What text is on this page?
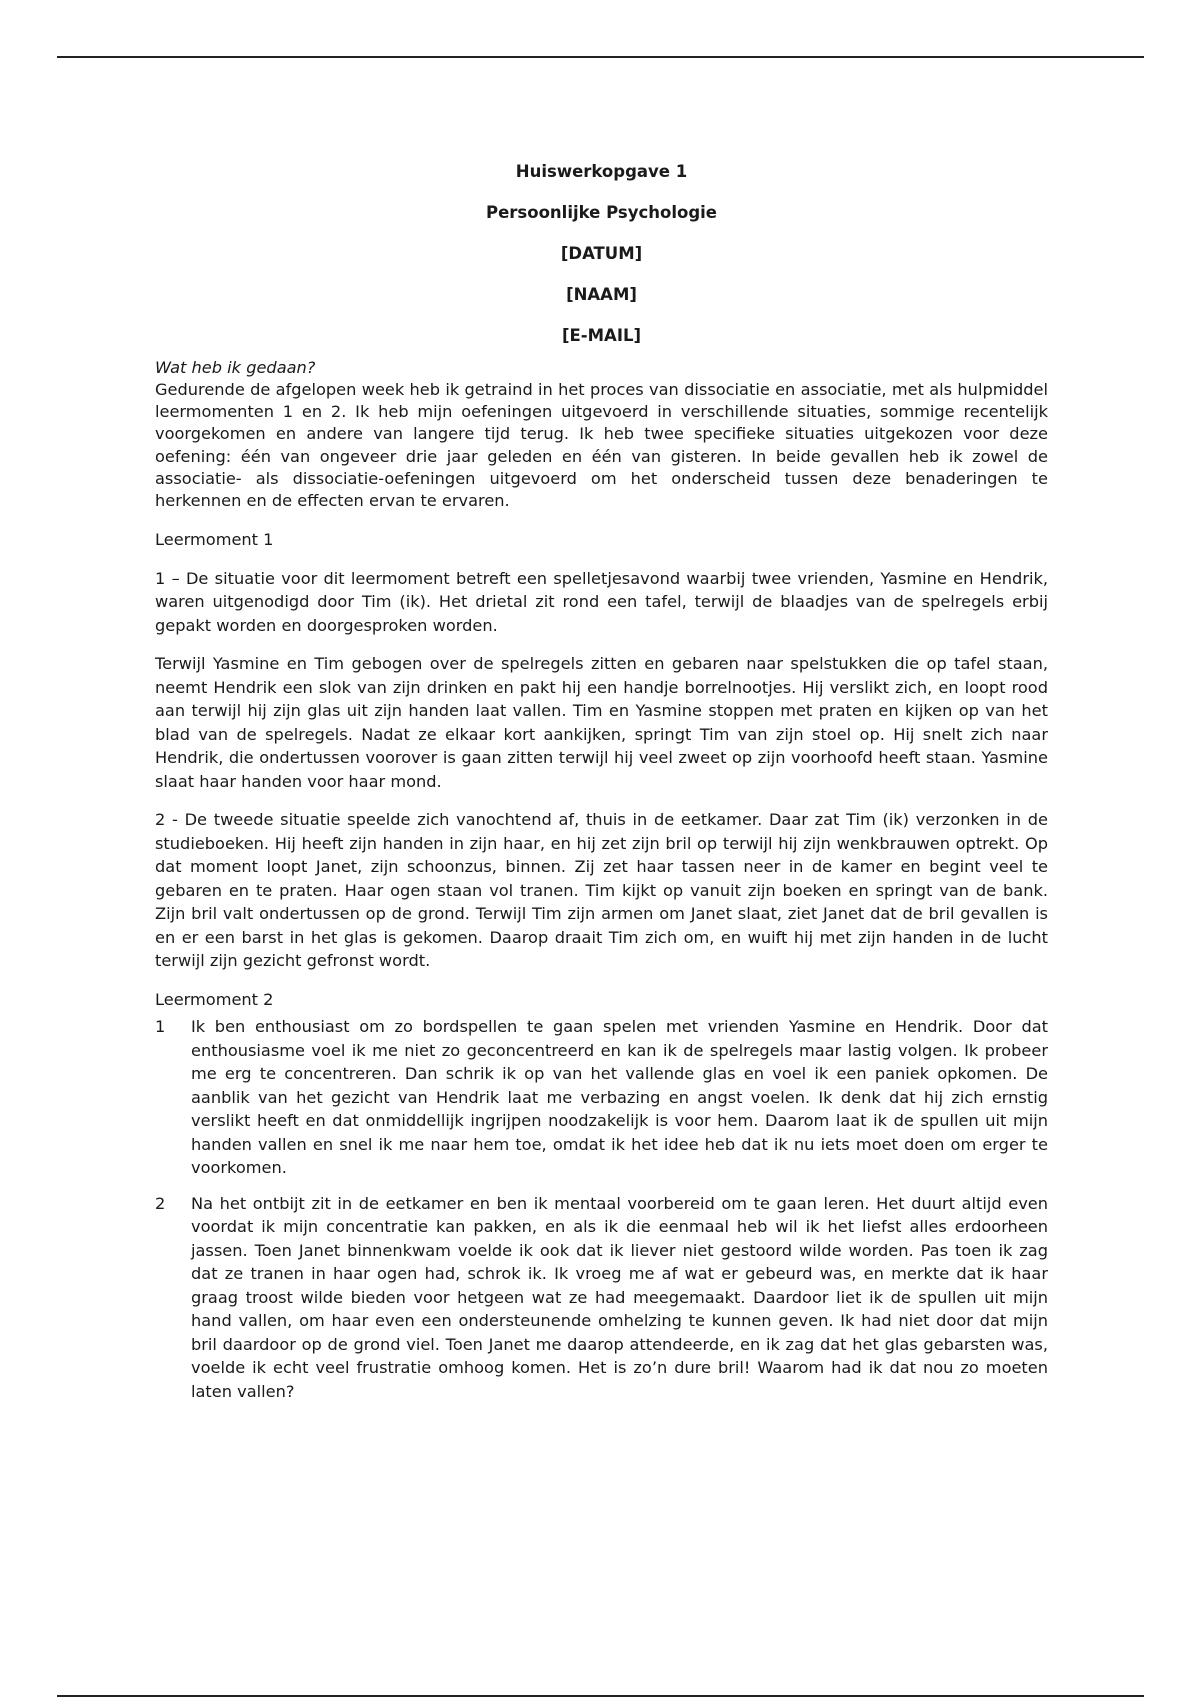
Huiswerkopgave 1

Persoonlijke Psychologie

[DATUM]

[NAAM]

[E-MAIL]

Wat heb ik gedaan?

Gedurende de afgelopen week heb ik getraind in het proces van dissociatie en associatie, met als hulpmiddel leermomenten 1 en 2. Ik heb mijn oefeningen uitgevoerd in verschillende situaties, sommige recentelijk voorgekomen en andere van langere tijd terug. Ik heb twee specifieke situaties uitgekozen voor deze oefening: één van ongeveer drie jaar geleden en één van gisteren. In beide gevallen heb ik zowel de associatie- als dissociatie-oefeningen uitgevoerd om het onderscheid tussen deze benaderingen te herkennen en de effecten ervan te ervaren.

Leermoment 1

1 – De situatie voor dit leermoment betreft een spelletjesavond waarbij twee vrienden, Yasmine en Hendrik, waren uitgenodigd door Tim (ik). Het drietal zit rond een tafel, terwijl de blaadjes van de spelregels erbij gepakt worden en doorgesproken worden.

Terwijl Yasmine en Tim gebogen over de spelregels zitten en gebaren naar spelstukken die op tafel staan, neemt Hendrik een slok van zijn drinken en pakt hij een handje borrelnootjes. Hij verslikt zich, en loopt rood aan terwijl hij zijn glas uit zijn handen laat vallen. Tim en Yasmine stoppen met praten en kijken op van het blad van de spelregels. Nadat ze elkaar kort aankijken, springt Tim van zijn stoel op. Hij snelt zich naar Hendrik, die ondertussen voorover is gaan zitten terwijl hij veel zweet op zijn voorhoofd heeft staan. Yasmine slaat haar handen voor haar mond.

2 - De tweede situatie speelde zich vanochtend af, thuis in de eetkamer. Daar zat Tim (ik) verzonken in de studieboeken. Hij heeft zijn handen in zijn haar, en hij zet zijn bril op terwijl hij zijn wenkbrauwen optrekt. Op dat moment loopt Janet, zijn schoonzus, binnen. Zij zet haar tassen neer in de kamer en begint veel te gebaren en te praten. Haar ogen staan vol tranen. Tim kijkt op vanuit zijn boeken en springt van de bank. Zijn bril valt ondertussen op de grond. Terwijl Tim zijn armen om Janet slaat, ziet Janet dat de bril gevallen is en er een barst in het glas is gekomen. Daarop draait Tim zich om, en wuift hij met zijn handen in de lucht terwijl zijn gezicht gefronst wordt.

Leermoment 2

1	Ik ben enthousiast om zo bordspellen te gaan spelen met vrienden Yasmine en Hendrik. Door dat enthousiasme voel ik me niet zo geconcentreerd en kan ik de spelregels maar lastig volgen. Ik probeer me erg te concentreren. Dan schrik ik op van het vallende glas en voel ik een paniek opkomen. De aanblik van het gezicht van Hendrik laat me verbazing en angst voelen. Ik denk dat hij zich ernstig verslikt heeft en dat onmiddellijk ingrijpen noodzakelijk is voor hem. Daarom laat ik de spullen uit mijn handen vallen en snel ik me naar hem toe, omdat ik het idee heb dat ik nu iets moet doen om erger te voorkomen.
2	Na het ontbijt zit in de eetkamer en ben ik mentaal voorbereid om te gaan leren. Het duurt altijd even voordat ik mijn concentratie kan pakken, en als ik die eenmaal heb wil ik het liefst alles erdoorheen jassen. Toen Janet binnenkwam voelde ik ook dat ik liever niet gestoord wilde worden. Pas toen ik zag dat ze tranen in haar ogen had, schrok ik. Ik vroeg me af wat er gebeurd was, en merkte dat ik haar graag troost wilde bieden voor hetgeen wat ze had meegemaakt. Daardoor liet ik de spullen uit mijn hand vallen, om haar even een ondersteunende omhelzing te kunnen geven. Ik had niet door dat mijn bril daardoor op de grond viel. Toen Janet me daarop attendeerde, en ik zag dat het glas gebarsten was, voelde ik echt veel frustratie omhoog komen. Het is zo’n dure bril! Waarom had ik dat nou zo moeten laten vallen?
